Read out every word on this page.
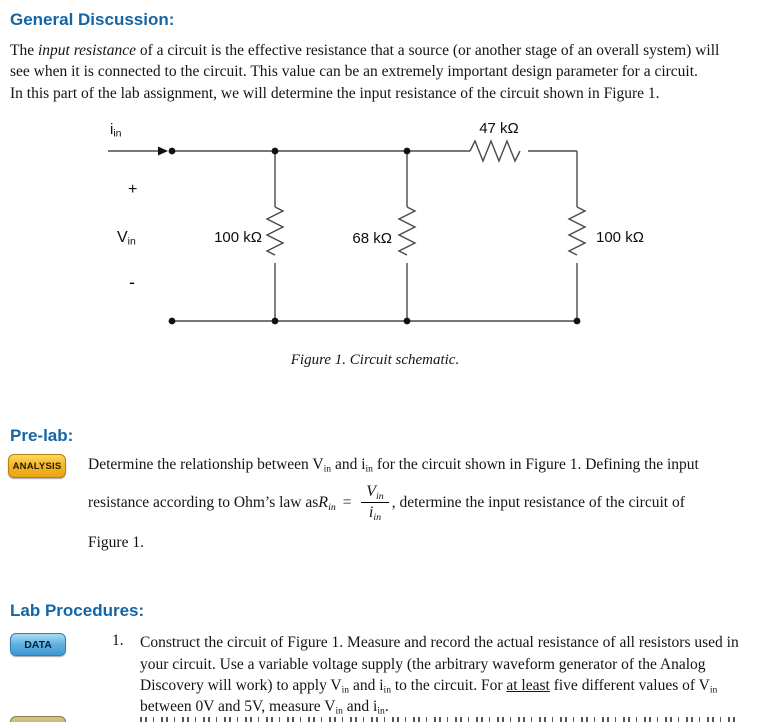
General Discussion:
The input resistance of a circuit is the effective resistance that a source (or another stage of an overall system) will
see when it is connected to the circuit. This value can be an extremely important design parameter for a circuit.
In this part of the lab assignment, we will determine the input resistance of the circuit shown in Figure 1.
iin
+
Vin
-
47 kΩ
100 kΩ	68 kΩ	100 kΩ
Figure 1. Circuit schematic.
Pre-lab:
ANALYSIS Determine the relationship between Vin and iin for the circuit shown in Figure 1. Defining the input
resistance according to Ohm’s law as $R_{in} = \frac{V_{in}}{i_{in}}$ , determine the input resistance of the circuit of
Figure 1.
Lab Procedures:
DATA	1. Construct the circuit of Figure 1. Measure and record the actual resistance of all resistors used in
your circuit. Use a variable voltage supply (the arbitrary waveform generator of the Analog
Discovery will work) to apply Vin and iin to the circuit. For at least five different values of Vin
between 0V and 5V, measure Vin and iin.
